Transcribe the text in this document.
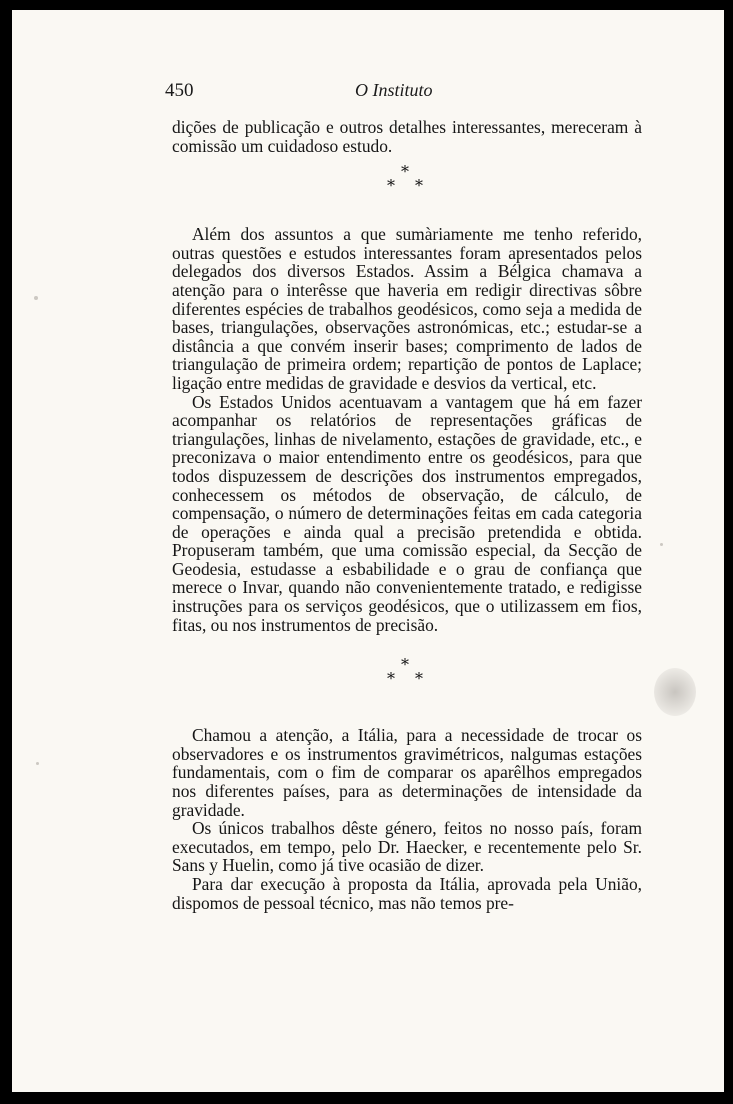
450	O Instituto

dições de publicação e outros detalhes interessantes, mereceram à comissão um cuidadoso estudo.

*
* *

Além dos assuntos a que sumàriamente me tenho referido, outras questões e estudos interessantes foram apresentados pelos delegados dos diversos Estados. Assim a Bélgica chamava a atenção para o interêsse que haveria em redigir directivas sôbre diferentes espécies de trabalhos geodésicos, como seja a medida de bases, triangulações, observações astronómicas, etc.; estudar-se a distância a que convém inserir bases; comprimento de lados de triangulação de primeira ordem; repartição de pontos de Laplace; ligação entre medidas de gravidade e desvios da vertical, etc.

Os Estados Unidos acentuavam a vantagem que há em fazer acompanhar os relatórios de representações gráficas de triangulações, linhas de nivelamento, estações de gravidade, etc., e preconizava o maior entendimento entre os geodésicos, para que todos dispuzessem de descrições dos instrumentos empregados, conhecessem os métodos de observação, de cálculo, de compensação, o número de determinações feitas em cada categoria de operações e ainda qual a precisão pretendida e obtida. Propuseram também, que uma comissão especial, da Secção de Geodesia, estudasse a esbabilidade e o grau de confiança que merece o Invar, quando não convenientemente tratado, e redigisse instruções para os serviços geodésicos, que o utilizassem em fios, fitas, ou nos instrumentos de precisão.

*
* *

Chamou a atenção, a Itália, para a necessidade de trocar os observadores e os instrumentos gravimétricos, nalgumas estações fundamentais, com o fim de comparar os aparêlhos empregados nos diferentes países, para as determinações de intensidade da gravidade.

Os únicos trabalhos dêste género, feitos no nosso país, foram executados, em tempo, pelo Dr. Haecker, e recentemente pelo Sr. Sans y Huelin, como já tive ocasião de dizer.

Para dar execução à proposta da Itália, aprovada pela União, dispomos de pessoal técnico, mas não temos pre-
